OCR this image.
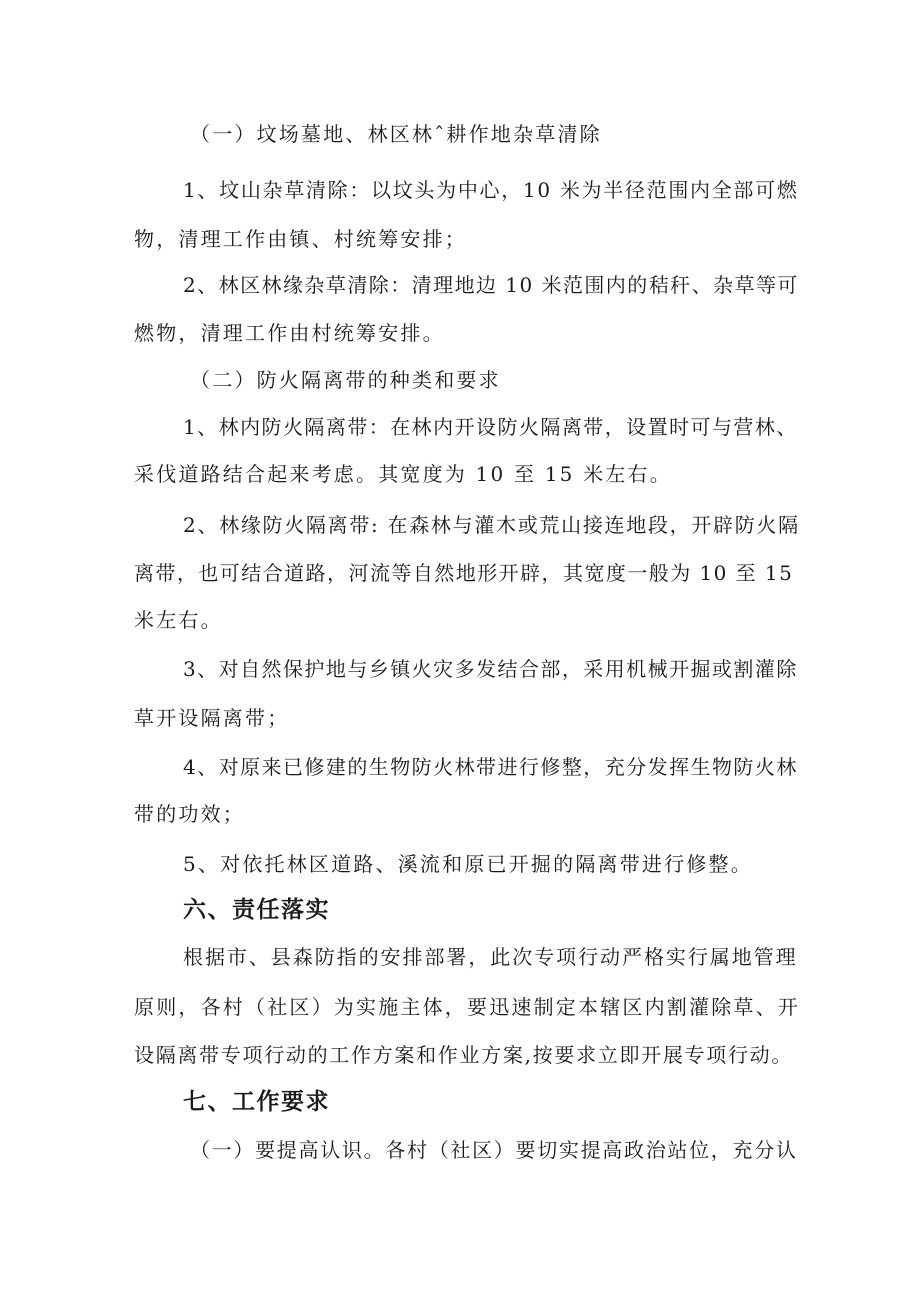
（一）坟场墓地、林区林ˆ耕作地杂草清除
1、坟山杂草清除：以坟头为中心，10 米为半径范围内全部可燃
物，清理工作由镇、村统筹安排；
2、林区林缘杂草清除：清理地边 10 米范围内的秸秆、杂草等可
燃物，清理工作由村统筹安排。
（二）防火隔离带的种类和要求
1、林内防火隔离带：在林内开设防火隔离带，设置时可与营林、
采伐道路结合起来考虑。其宽度为 10 至 15 米左右。
2、林缘防火隔离带: 在森林与灌木或荒山接连地段，开辟防火隔
离带，也可结合道路，河流等自然地形开辟，其宽度一般为 10 至 15
米左右。
3、对自然保护地与乡镇火灾多发结合部，采用机械开掘或割灌除
草开设隔离带；
4、对原来已修建的生物防火林带进行修整，充分发挥生物防火林
带的功效；
5、对依托林区道路、溪流和原已开掘的隔离带进行修整。
六、责任落实
根据市、县森防指的安排部署，此次专项行动严格实行属地管理
原则，各村（社区）为实施主体，要迅速制定本辖区内割灌除草、开
设隔离带专项行动的工作方案和作业方案,按要求立即开展专项行动。
七、工作要求
（一）要提高认识。各村（社区）要切实提高政治站位，充分认
